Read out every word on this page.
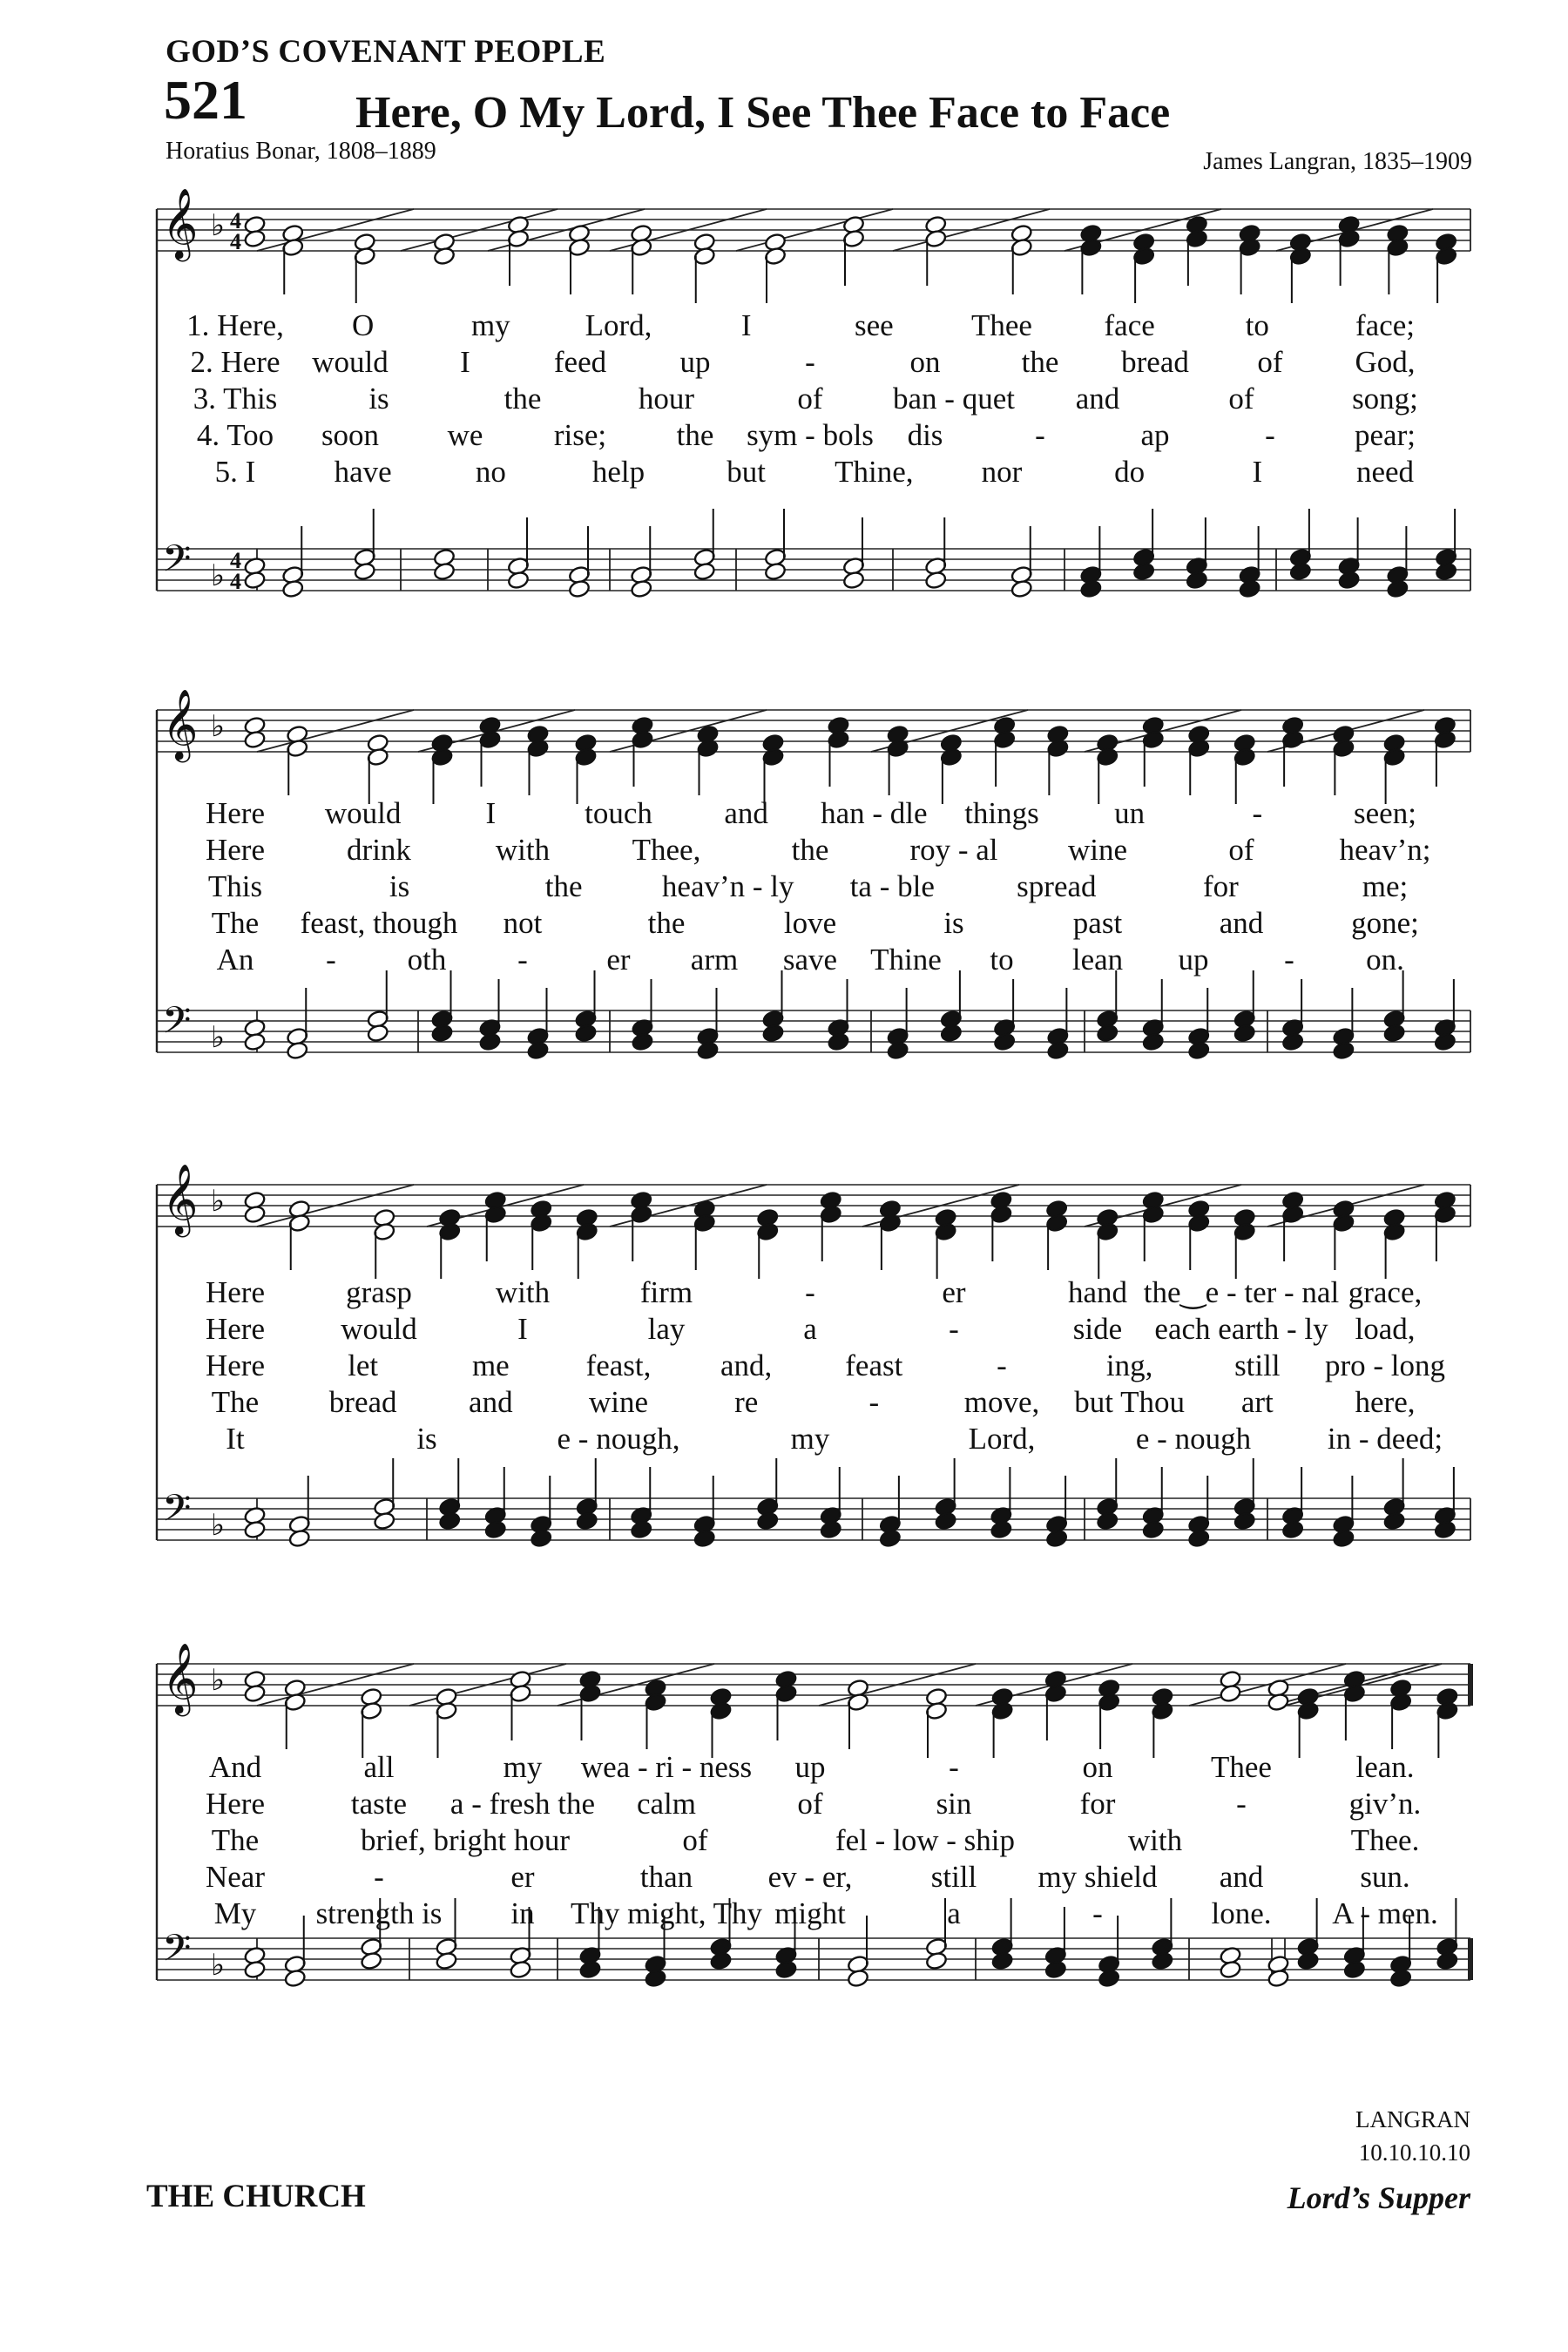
GOD’S COVENANT PEOPLE
521 Here, O My Lord, I See Thee Face to Face
Horatius Bonar, 1808–1889	James Langran, 1835–1909
𝄞 ♭ 4
4
𝄢 ♭ 4
4
1. Here, O	my Lord,	I	see	Thee face	to	face;
2. Here would I	feed up	-	on	the bread of God,
3. This	is	the	hour	of ban - quet and	of	song;
4. Too soon we rise; the sym - bols dis	-	ap	-	pear;
5. I	have	no	help	but Thine, nor	do	I	need
𝄞 ♭
𝄢 ♭
Here would	I	touch and han - dle things un	-	seen;
Here	drink	with	Thee,	the	roy - al wine	of	heav’n;
This	is	the	heav’n - ly ta - ble	spread	for	me;
The feast, though not	the	love	is	past	and	gone;
An - oth -	er arm save Thine to lean up - on.
𝄞 ♭
𝄢 ♭
Here	grasp	with	firm	-	er	hand the‿e - ter - nal grace,
Here would	I	lay	a	-	side each earth - ly load,
Here	let	me	feast, and, feast	-	ing,	still pro - long
The bread and wine	re	-	move, but Thou art	here,
It	is	e - nough,	my	Lord,	e - nough	in - deed;
𝄞 ♭
𝄢 ♭
And	all	my wea - ri - ness up	-	on	Thee	lean.
Here	taste a - fresh the calm	of	sin	for	-	giv’n.
The	brief, bright hour	of	fel - low - ship	with	Thee.
Near	-	er	than ev - er,	still my shield and	sun.
My strength is in Thy might, Thy might	a	-	lone. A - men.
LANGRAN
10.10.10.10
THE CHURCH	Lord’s Supper
